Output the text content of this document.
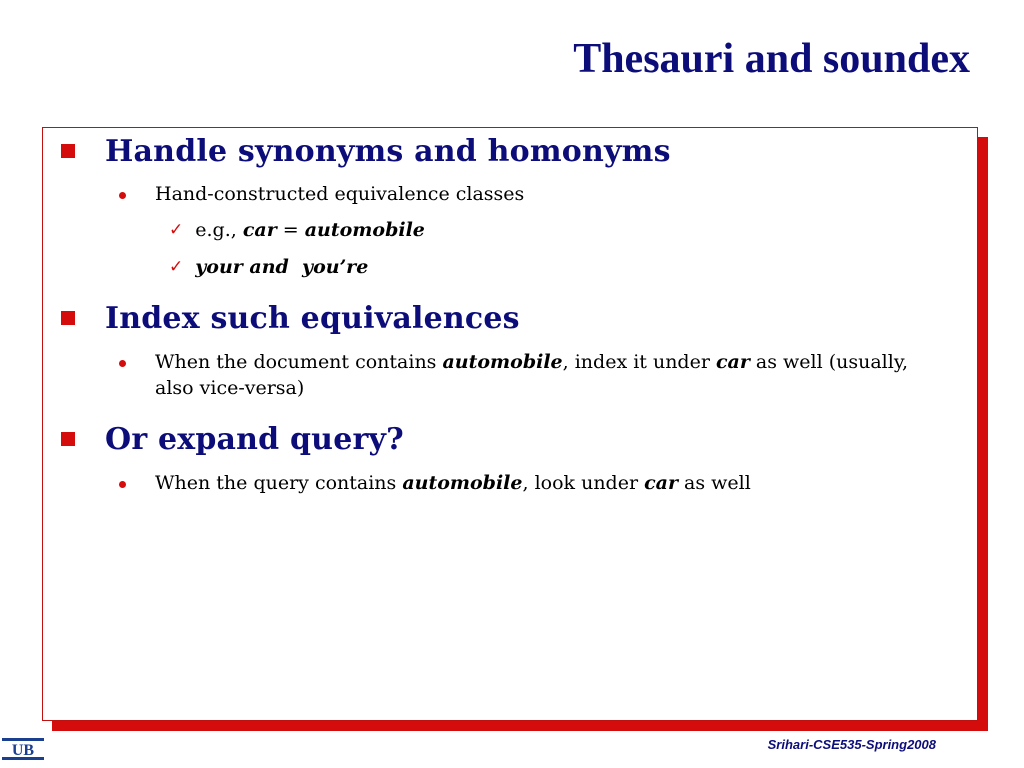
Thesauri and soundex
Handle synonyms and homonyms
Hand-constructed equivalence classes
✓ e.g., car = automobile
✓ your and  you’re
Index such equivalences
When the document contains automobile, index it under car as well (usually, also vice-versa)
Or expand query?
When the query contains automobile, look under car as well
UB	Srihari-CSE535-Spring2008
